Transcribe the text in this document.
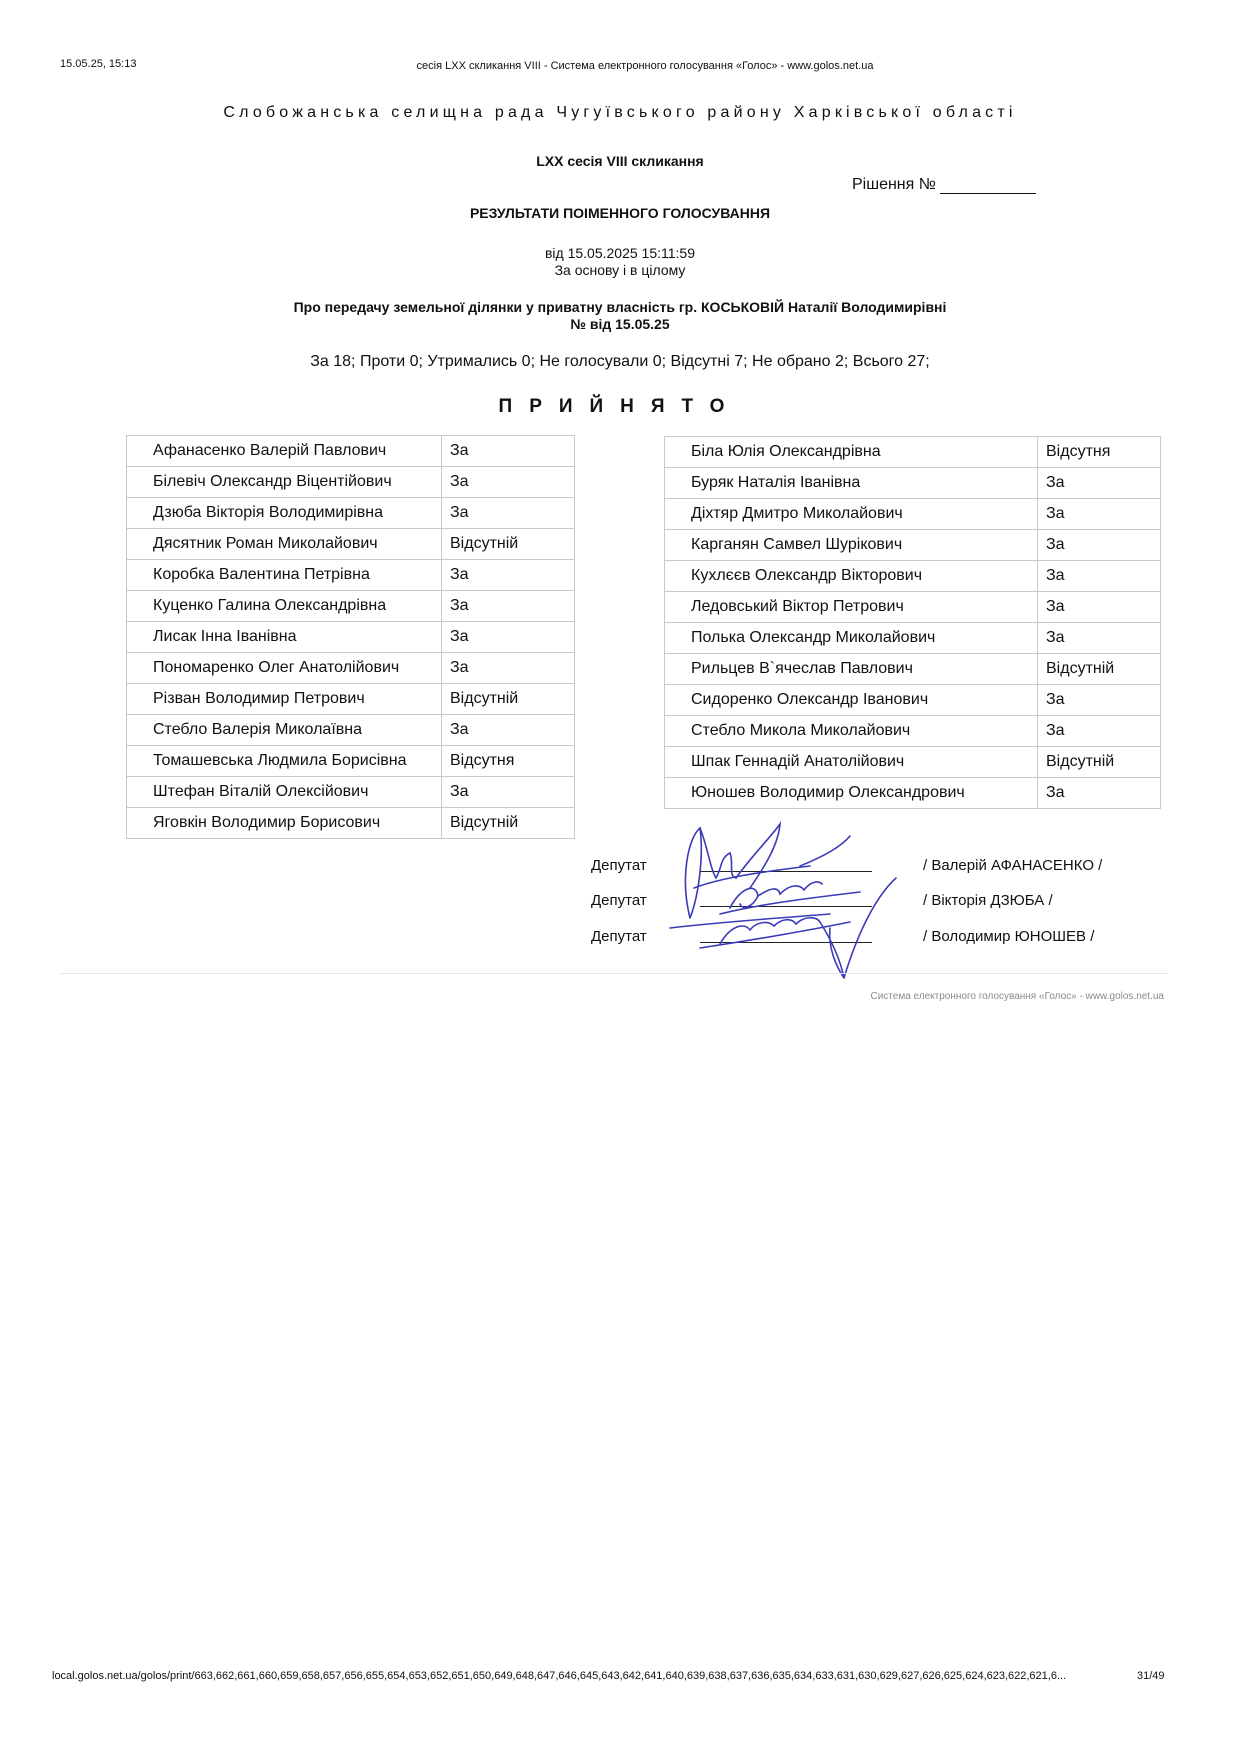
15.05.25, 15:13	сесія LXX скликання VIII - Система електронного голосування «Голос» - www.golos.net.ua
Слобожанська селищна рада Чугуївського району Харківської області
LXX сесія VIII скликання
Рішення №
РЕЗУЛЬТАТИ ПОІМЕННОГО ГОЛОСУВАННЯ
від 15.05.2025 15:11:59
За основу і в цілому
Про передачу земельної ділянки у приватну власність гр. КОСЬКОВІЙ Наталії Володимирівні
№ від 15.05.25
За 18; Проти 0; Утримались 0; Не голосували 0; Відсутні 7; Не обрано 2; Всього 27;
ПРИЙНЯТО
Афанасенко Валерій Павлович	За
Білевіч Олександр Віцентійович	За
Дзюба Вікторія Володимирівна	За
Дясятник Роман Миколайович	Відсутній
Коробка Валентина Петрівна	За
Куценко Галина Олександрівна	За
Лисак Інна Іванівна	За
Пономаренко Олег Анатолійович	За
Різван Володимир Петрович	Відсутній
Стебло Валерія Миколаївна	За
Томашевська Людмила Борисівна	Відсутня
Штефан Віталій Олексійович	За
Яговкін Володимир Борисович	Відсутній
Біла Юлія Олександрівна	Відсутня
Буряк Наталія Іванівна	За
Діхтяр Дмитро Миколайович	За
Карганян Самвел Шурікович	За
Кухлєєв Олександр Вікторович	За
Ледовський Віктор Петрович	За
Полька Олександр Миколайович	За
Рильцев В`ячеслав Павлович	Відсутній
Сидоренко Олександр Іванович	За
Стебло Микола Миколайович	За
Шпак Геннадій Анатолійович	Відсутній
Юношев Володимир Олександрович	За
Депутат
Депутат
Депутат
/ Валерій АФАНАСЕНКО /
/ Вікторія ДЗЮБА /
/ Володимир ЮНОШЕВ /
Система електронного голосування «Голос» - www.golos.net.ua
local.golos.net.ua/golos/print/663,662,661,660,659,658,657,656,655,654,653,652,651,650,649,648,647,646,645,643,642,641,640,639,638,637,636,635,634,633,631,630,629,627,626,625,624,623,622,621,6...	31/49
